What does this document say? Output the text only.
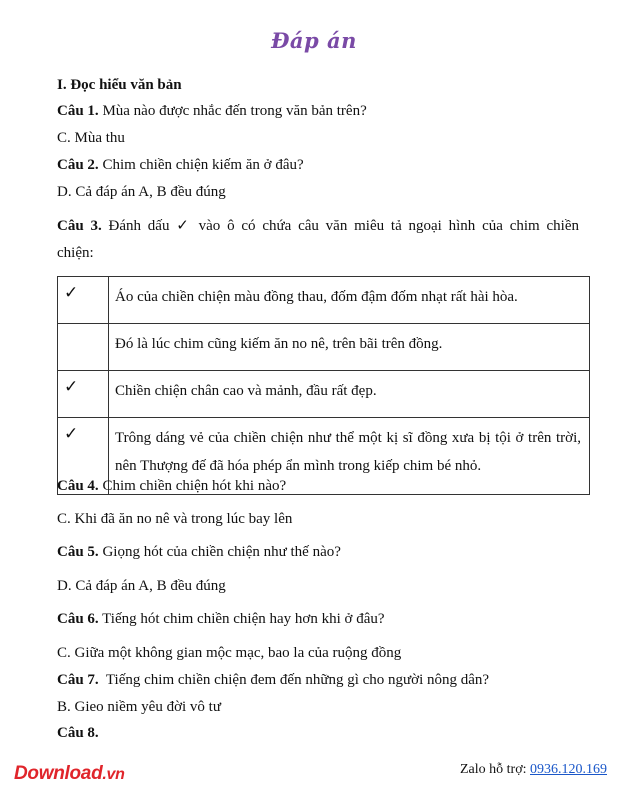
Đáp án
I. Đọc hiểu văn bản
Câu 1. Mùa nào được nhắc đến trong văn bản trên?
C. Mùa thu
Câu 2. Chim chiền chiện kiếm ăn ở đâu?
D. Cả đáp án A, B đều đúng
Câu 3. Đánh dấu ✓ vào ô có chứa câu văn miêu tả ngoại hình của chim chiền
chiện:
✓	Áo của chiền chiện màu đồng thau, đốm đậm đốm nhạt rất hài hòa.
	Đó là lúc chim cũng kiếm ăn no nê, trên bãi trên đồng.
✓	Chiền chiện chân cao và mảnh, đầu rất đẹp.
✓	Trông dáng vẻ của chiền chiện như thể một kị sĩ đồng xưa bị tội ở trên trời, nên Thượng đế đã hóa phép ẩn mình trong kiếp chim bé nhỏ.
Câu 4. Chim chiền chiện hót khi nào?
C. Khi đã ăn no nê và trong lúc bay lên
Câu 5. Giọng hót của chiền chiện như thế nào?
D. Cả đáp án A, B đều đúng
Câu 6. Tiếng hót chim chiền chiện hay hơn khi ở đâu?
C. Giữa một không gian mộc mạc, bao la của ruộng đồng
Câu 7.  Tiếng chim chiền chiện đem đến những gì cho người nông dân?
B. Gieo niềm yêu đời vô tư
Câu 8.
Download.vn	Zalo hỗ trợ: 0936.120.169
